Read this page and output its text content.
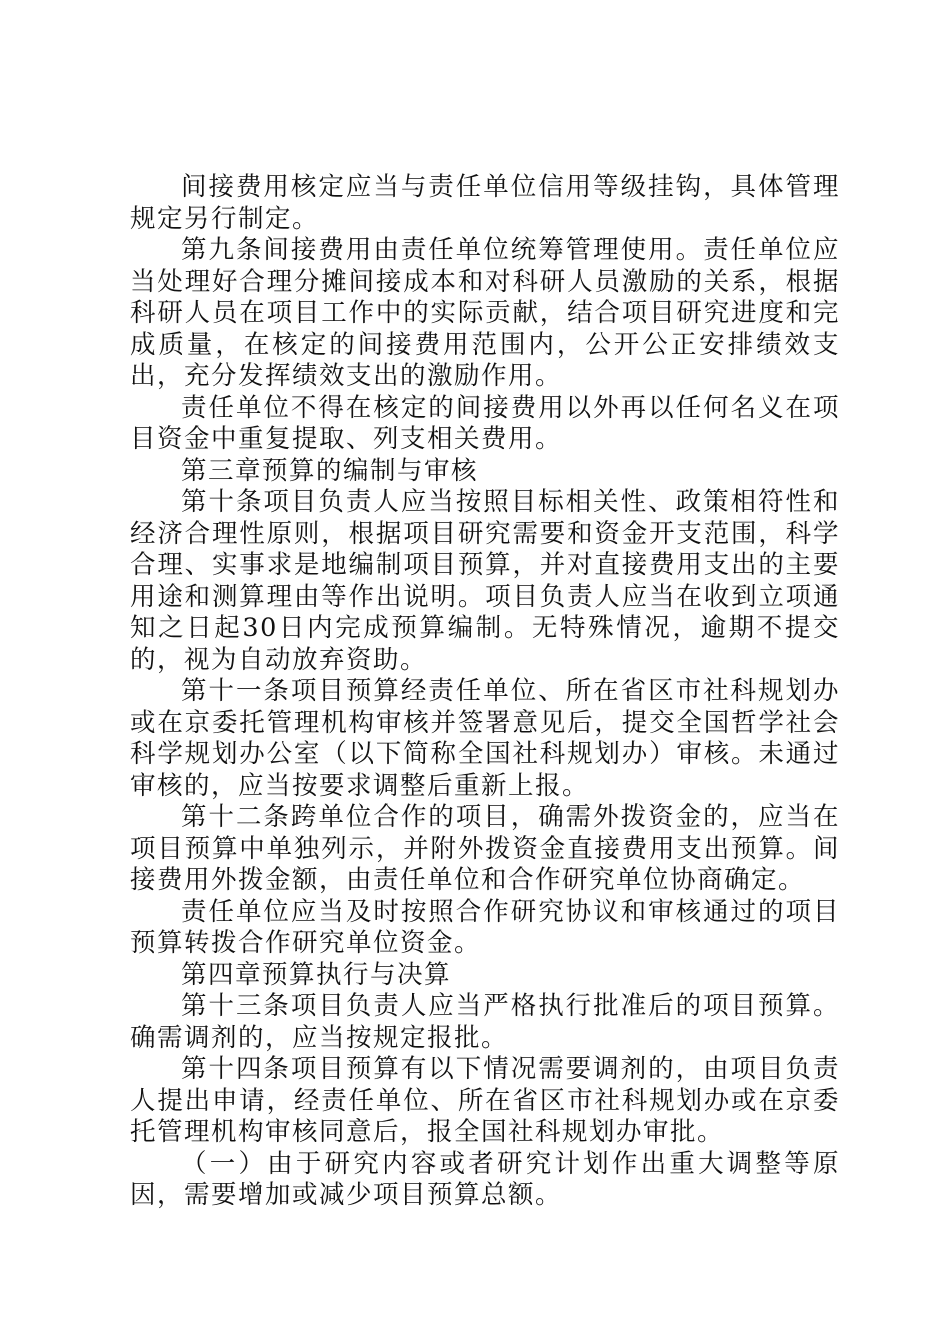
间接费用核定应当与责任单位信用等级挂钩，具体管理规定另行制定。

第九条间接费用由责任单位统筹管理使用。责任单位应当处理好合理分摊间接成本和对科研人员激励的关系，根据科研人员在项目工作中的实际贡献，结合项目研究进度和完成质量，在核定的间接费用范围内，公开公正安排绩效支出，充分发挥绩效支出的激励作用。

责任单位不得在核定的间接费用以外再以任何名义在项目资金中重复提取、列支相关费用。

第三章预算的编制与审核

第十条项目负责人应当按照目标相关性、政策相符性和经济合理性原则，根据项目研究需要和资金开支范围，科学合理、实事求是地编制项目预算，并对直接费用支出的主要用途和测算理由等作出说明。项目负责人应当在收到立项通知之日起30日内完成预算编制。无特殊情况，逾期不提交的，视为自动放弃资助。

第十一条项目预算经责任单位、所在省区市社科规划办或在京委托管理机构审核并签署意见后，提交全国哲学社会科学规划办公室（以下简称全国社科规划办）审核。未通过审核的，应当按要求调整后重新上报。

第十二条跨单位合作的项目，确需外拨资金的，应当在项目预算中单独列示，并附外拨资金直接费用支出预算。间接费用外拨金额，由责任单位和合作研究单位协商确定。

责任单位应当及时按照合作研究协议和审核通过的项目预算转拨合作研究单位资金。

第四章预算执行与决算

第十三条项目负责人应当严格执行批准后的项目预算。确需调剂的，应当按规定报批。

第十四条项目预算有以下情况需要调剂的，由项目负责人提出申请，经责任单位、所在省区市社科规划办或在京委托管理机构审核同意后，报全国社科规划办审批。

（一）由于研究内容或者研究计划作出重大调整等原因，需要增加或减少项目预算总额。
